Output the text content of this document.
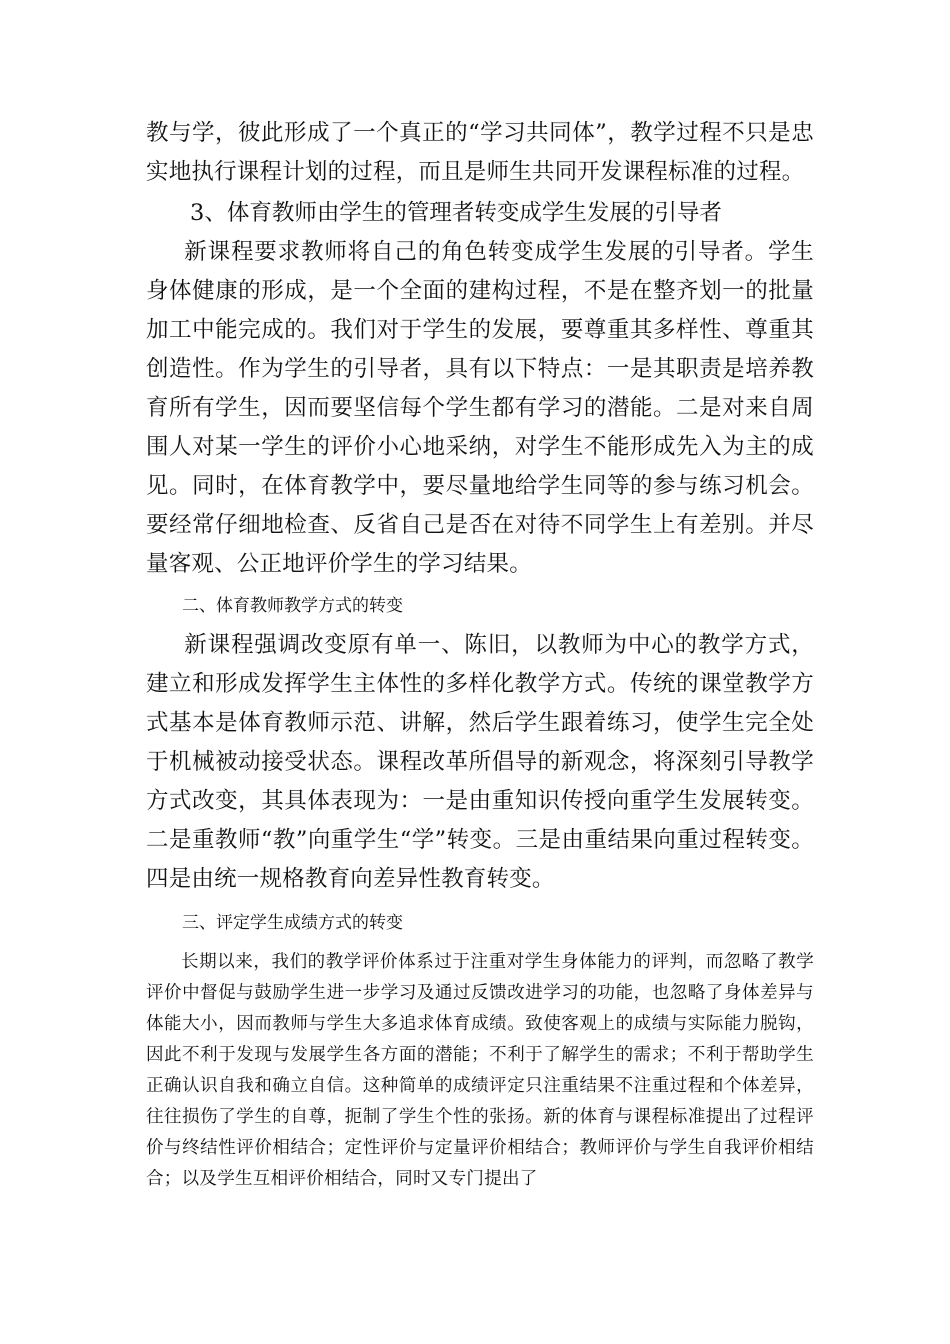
教与学，彼此形成了一个真正的“学习共同体”，教学过程不只是忠实地执行课程计划的过程，而且是师生共同开发课程标准的过程。

3、体育教师由学生的管理者转变成学生发展的引导者

新课程要求教师将自己的角色转变成学生发展的引导者。学生身体健康的形成，是一个全面的建构过程，不是在整齐划一的批量加工中能完成的。我们对于学生的发展，要尊重其多样性、尊重其创造性。作为学生的引导者，具有以下特点：一是其职责是培养教育所有学生，因而要坚信每个学生都有学习的潜能。二是对来自周围人对某一学生的评价小心地采纳，对学生不能形成先入为主的成见。同时，在体育教学中，要尽量地给学生同等的参与练习机会。要经常仔细地检查、反省自己是否在对待不同学生上有差别。并尽量客观、公正地评价学生的学习结果。

二、体育教师教学方式的转变

新课程强调改变原有单一、陈旧，以教师为中心的教学方式，建立和形成发挥学生主体性的多样化教学方式。传统的课堂教学方式基本是体育教师示范、讲解，然后学生跟着练习，使学生完全处于机械被动接受状态。课程改革所倡导的新观念，将深刻引导教学方式改变，其具体表现为：一是由重知识传授向重学生发展转变。二是重教师“教”向重学生“学”转变。三是由重结果向重过程转变。四是由统一规格教育向差异性教育转变。

三、评定学生成绩方式的转变

长期以来，我们的教学评价体系过于注重对学生身体能力的评判，而忽略了教学评价中督促与鼓励学生进一步学习及通过反馈改进学习的功能，也忽略了身体差异与体能大小，因而教师与学生大多追求体育成绩。致使客观上的成绩与实际能力脱钩，因此不利于发现与发展学生各方面的潜能；不利于了解学生的需求；不利于帮助学生正确认识自我和确立自信。这种简单的成绩评定只注重结果不注重过程和个体差异，往往损伤了学生的自尊，扼制了学生个性的张扬。新的体育与课程标准提出了过程评价与终结性评价相结合；定性评价与定量评价相结合；教师评价与学生自我评价相结合；以及学生互相评价相结合，同时又专门提出了
